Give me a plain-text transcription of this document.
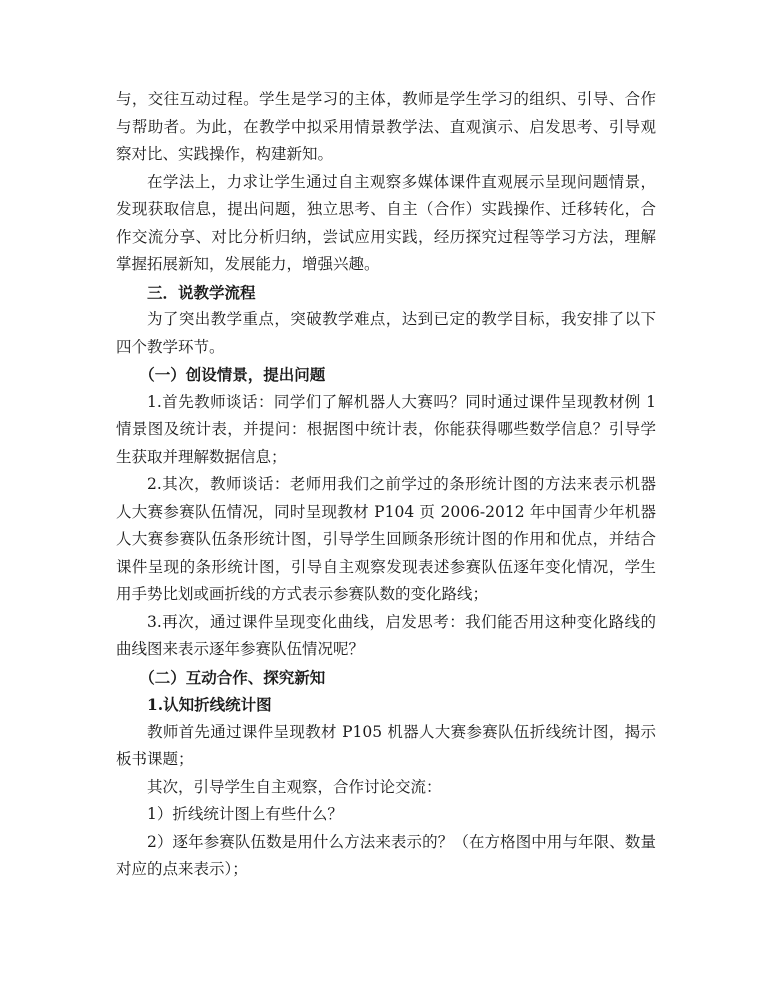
与，交往互动过程。学生是学习的主体，教师是学生学习的组织、引导、合作与帮助者。为此，在教学中拟采用情景教学法、直观演示、启发思考、引导观察对比、实践操作，构建新知。

在学法上，力求让学生通过自主观察多媒体课件直观展示呈现问题情景，发现获取信息，提出问题，独立思考、自主（合作）实践操作、迁移转化，合作交流分享、对比分析归纳，尝试应用实践，经历探究过程等学习方法，理解掌握拓展新知，发展能力，增强兴趣。

三．说教学流程

为了突出教学重点，突破教学难点，达到已定的教学目标，我安排了以下四个教学环节。

（一）创设情景，提出问题

1.首先教师谈话：同学们了解机器人大赛吗？同时通过课件呈现教材例 1 情景图及统计表，并提问：根据图中统计表，你能获得哪些数学信息？引导学生获取并理解数据信息；

2.其次，教师谈话：老师用我们之前学过的条形统计图的方法来表示机器人大赛参赛队伍情况，同时呈现教材 P104 页 2006-2012 年中国青少年机器人大赛参赛队伍条形统计图，引导学生回顾条形统计图的作用和优点，并结合课件呈现的条形统计图，引导自主观察发现表述参赛队伍逐年变化情况，学生用手势比划或画折线的方式表示参赛队数的变化路线；

3.再次，通过课件呈现变化曲线，启发思考：我们能否用这种变化路线的曲线图来表示逐年参赛队伍情况呢？

（二）互动合作、探究新知

1.认知折线统计图

教师首先通过课件呈现教材 P105 机器人大赛参赛队伍折线统计图，揭示板书课题；

其次，引导学生自主观察，合作讨论交流：

1）折线统计图上有些什么？

2）逐年参赛队伍数是用什么方法来表示的？（在方格图中用与年限、数量对应的点来表示）；
